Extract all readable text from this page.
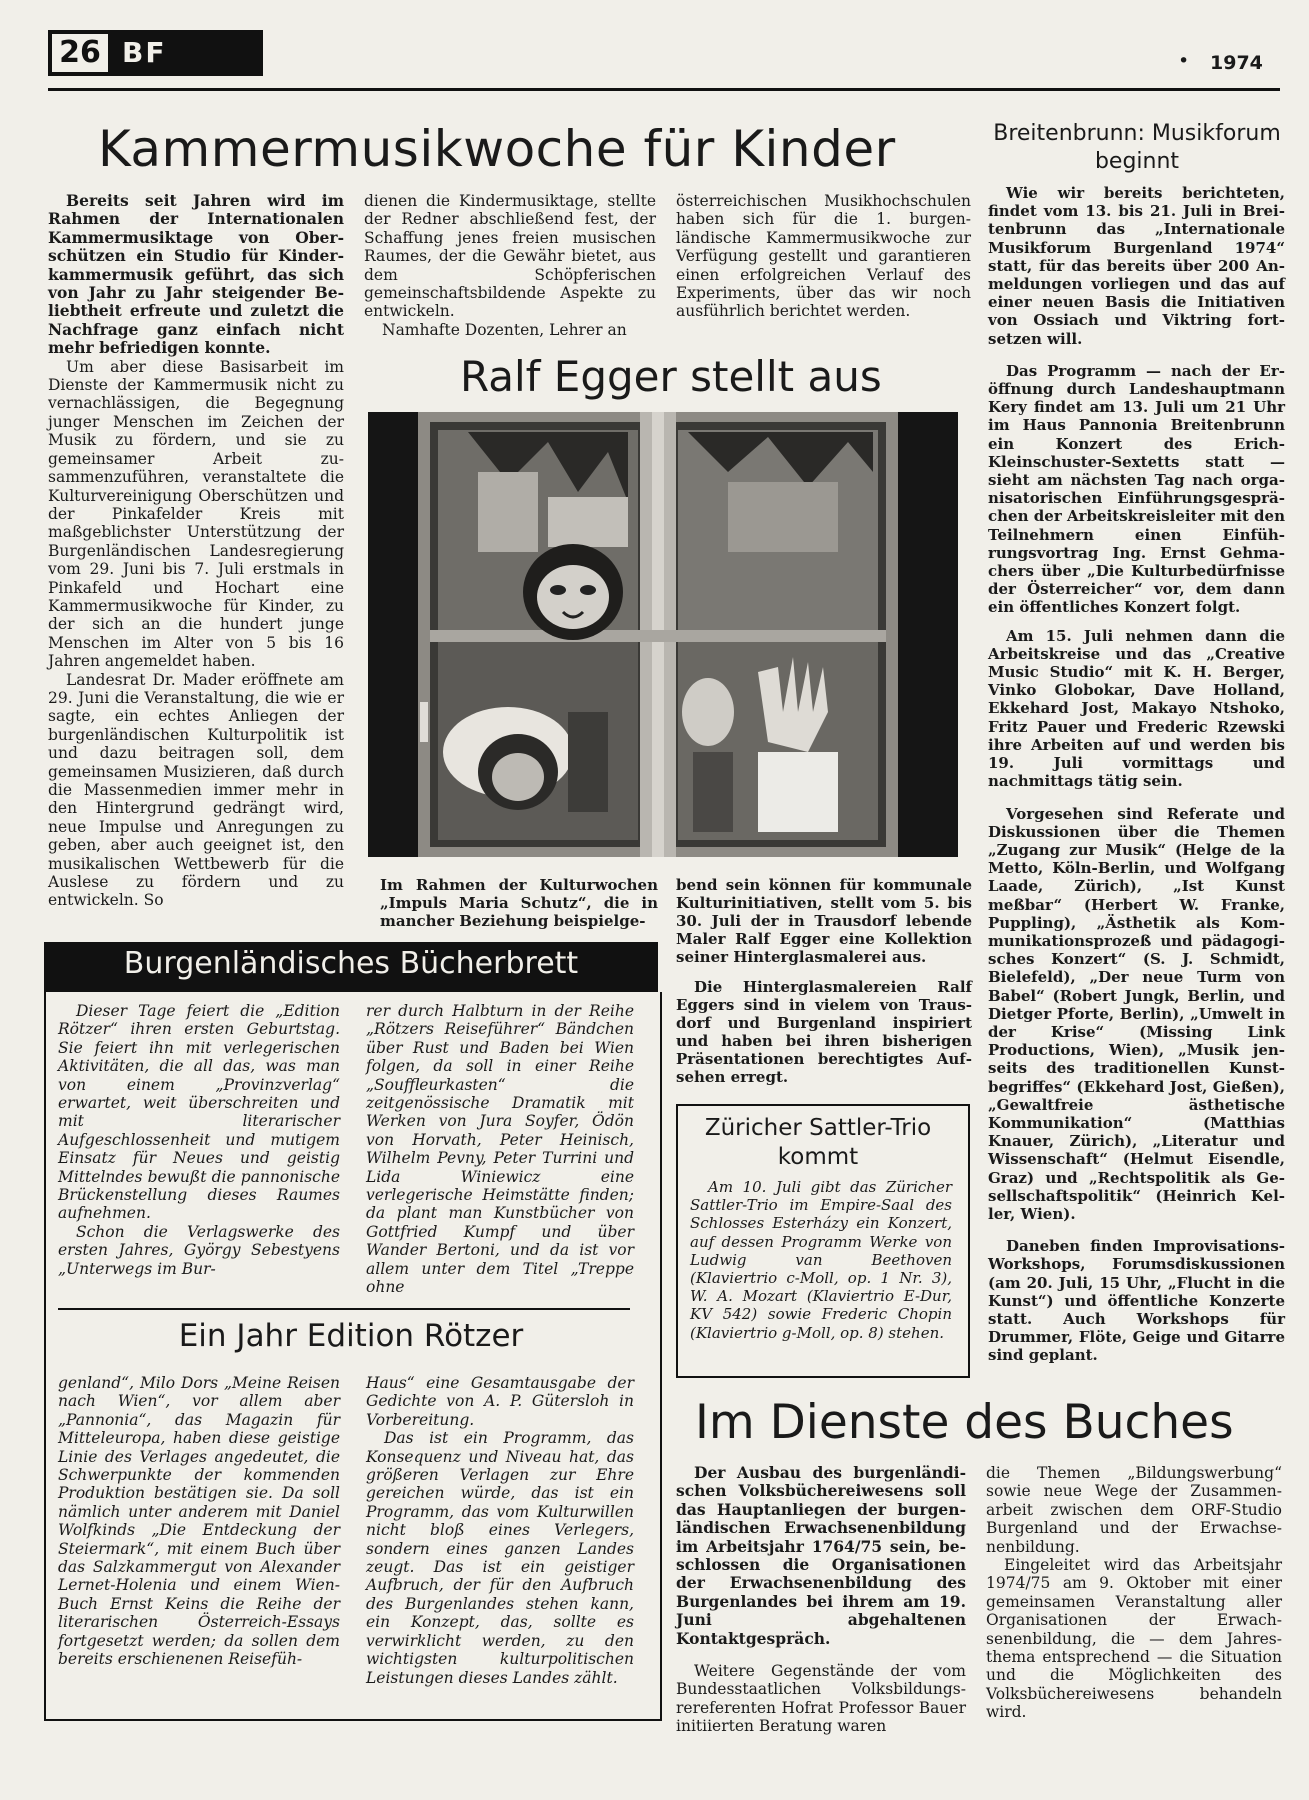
26 BF	• 1974
Kammermusikwoche für Kinder

Bereits seit Jahren wird im Rahmen der Internationalen Kammermusiktage von Oberschützen ein Studio für Kinderkammermusik geführt, das sich von Jahr zu Jahr steigender Beliebtheit erfreute und zuletzt die Nachfrage ganz einfach nicht mehr befriedigen konnte.

Um aber diese Basisarbeit im Dienste der Kammermusik nicht zu vernachlässigen, die Begegnung junger Menschen im Zeichen der Musik zu fördern, und sie zu gemeinsamer Arbeit zusammenzuführen, veranstaltete die Kulturvereinigung Oberschützen und der Pinkafelder Kreis mit maßgeblichster Unterstützung der Burgenländischen Landesregierung vom 29. Juni bis 7. Juli erstmals in Pinkafeld und Hochart eine Kammermusikwoche für Kinder, zu der sich an die hundert junge Menschen im Alter von 5 bis 16 Jahren angemeldet haben.

Landesrat Dr. Mader eröffnete am 29. Juni die Veranstaltung, die wie er sagte, ein echtes Anliegen der burgenländischen Kulturpolitik ist und dazu beitragen soll, dem gemeinsamen Musizieren, daß durch die Massenmedien immer mehr in den Hintergrund gedrängt wird, neue Impulse und Anregungen zu geben, aber auch geeignet ist, den musikalischen Wettbewerb für die Auslese zu fördern und zu entwickeln. So

dienen die Kindermusiktage, stellte der Redner abschließend fest, der Schaffung jenes freien musischen Raumes, der die Gewähr bietet, aus dem Schöpferischen gemeinschaftsbildende Aspekte zu entwickeln.

Namhafte Dozenten, Lehrer an

österreichischen Musikhochschulen haben sich für die 1. burgenländische Kammermusikwoche zur Verfügung gestellt und garantieren einen erfolgreichen Verlauf des Experiments, über das wir noch ausführlich berichtet werden.

Breitenbrunn: Musikforum beginnt

Wie wir bereits berichteten, findet vom 13. bis 21. Juli in Breitenbrunn das „Internationale Musikforum Burgenland 1974“ statt, für das bereits über 200 Anmeldungen vorliegen und das auf einer neuen Basis die Initiativen von Ossiach und Viktring fortsetzen will.

Das Programm — nach der Eröffnung durch Landeshauptmann Kery findet am 13. Juli um 21 Uhr im Haus Pannonia Breitenbrunn ein Konzert des Erich-Kleinschuster-Sextetts statt — sieht am nächsten Tag nach organisatorischen Einführungsgesprächen der Arbeitskreisleiter mit den Teilnehmern einen Einführungsvortrag Ing. Ernst Gehmachers über „Die Kulturbedürfnisse der Österreicher“ vor, dem dann ein öffentliches Konzert folgt.

Am 15. Juli nehmen dann die Arbeitskreise und das „Creative Music Studio“ mit K. H. Berger, Vinko Globokar, Dave Holland, Ekkehard Jost, Makayo Ntshoko, Fritz Pauer und Frederic Rzewski ihre Arbeiten auf und werden bis 19. Juli vormittags und nachmittags tätig sein.

Vorgesehen sind Referate und Diskussionen über die Themen „Zugang zur Musik“ (Helge de la Metto, Köln-Berlin, und Wolfgang Laade, Zürich), „Ist Kunst meßbar“ (Herbert W. Franke, Puppling), „Ästhetik als Kommunikationsprozeß und pädagogisches Konzert“ (S. J. Schmidt, Bielefeld), „Der neue Turm von Babel“ (Robert Jungk, Berlin, und Dietger Pforte, Berlin), „Umwelt in der Krise“ (Missing Link Productions, Wien), „Musik jenseits des traditionellen Kunstbegriffes“ (Ekkehard Jost, Gießen), „Gewaltfreie ästhetische Kommunikation“ (Matthias Knauer, Zürich), „Literatur und Wissenschaft“ (Helmut Eisendle, Graz) und „Rechtspolitik als Gesellschaftspolitik“ (Heinrich Keller, Wien).

Daneben finden Improvisations-Workshops, Forumsdiskussionen (am 20. Juli, 15 Uhr, „Flucht in die Kunst“) und öffentliche Konzerte statt. Auch Workshops für Drummer, Flöte, Geige und Gitarre sind geplant.

Ralf Egger stellt aus

Im Rahmen der Kulturwochen „Impuls Maria Schutz“, die in mancher Beziehung beispielge-

bend sein können für kommunale Kulturinitiativen, stellt vom 5. bis 30. Juli der in Trausdorf lebende Maler Ralf Egger eine Kollektion seiner Hinterglasmalerei aus.

Die Hinterglasmalereien Ralf Eggers sind in vielem von Trausdorf und Burgenland inspiriert und haben bei ihren bisherigen Präsentationen berechtigtes Aufsehen erregt.

Burgenländisches Bücherbrett

Dieser Tage feiert die „Edition Rötzer“ ihren ersten Geburtstag. Sie feiert ihn mit verlegerischen Aktivitäten, die all das, was man von einem „Provinzverlag“ erwartet, weit überschreiten und mit literarischer Aufgeschlossenheit und mutigem Einsatz für Neues und geistig Mittelndes bewußt die pannonische Brückenstellung dieses Raumes aufnehmen.

Schon die Verlagswerke des ersten Jahres, György Sebestyens „Unterwegs im Bur-

rer durch Halbturn in der Reihe „Rötzers Reiseführer“ Bändchen über Rust und Baden bei Wien folgen, da soll in einer Reihe „Souffleurkasten“ die zeitgenössische Dramatik mit Werken von Jura Soyfer, Ödön von Horvath, Peter Heinisch, Wilhelm Pevny, Peter Turrini und Lida Winiewicz eine verlegerische Heimstätte finden; da plant man Kunstbücher von Gottfried Kumpf und über Wander Bertoni, und da ist vor allem unter dem Titel „Treppe ohne

Ein Jahr Edition Rötzer

genland“, Milo Dors „Meine Reisen nach Wien“, vor allem aber „Pannonia“, das Magazin für Mitteleuropa, haben diese geistige Linie des Verlages angedeutet, die Schwerpunkte der kommenden Produktion bestätigen sie. Da soll nämlich unter anderem mit Daniel Wolfkinds „Die Entdeckung der Steiermark“, mit einem Buch über das Salzkammergut von Alexander Lernet-Holenia und einem Wien-Buch Ernst Keins die Reihe der literarischen Österreich-Essays fortgesetzt werden; da sollen dem bereits erschienenen Reisefüh-

Haus“ eine Gesamtausgabe der Gedichte von A. P. Gütersloh in Vorbereitung.

Das ist ein Programm, das Konsequenz und Niveau hat, das größeren Verlagen zur Ehre gereichen würde, das ist ein Programm, das vom Kulturwillen nicht bloß eines Verlegers, sondern eines ganzen Landes zeugt. Das ist ein geistiger Aufbruch, der für den Aufbruch des Burgenlandes stehen kann, ein Konzept, das, sollte es verwirklicht werden, zu den wichtigsten kulturpolitischen Leistungen dieses Landes zählt.

Züricher Sattler-Trio kommt

Am 10. Juli gibt das Züricher Sattler-Trio im Empire-Saal des Schlosses Esterházy ein Konzert, auf dessen Programm Werke von Ludwig van Beethoven (Klaviertrio c-Moll, op. 1 Nr. 3), W. A. Mozart (Klaviertrio E-Dur, KV 542) sowie Frederic Chopin (Klaviertrio g-Moll, op. 8) stehen.

Im Dienste des Buches

Der Ausbau des burgenländischen Volksbüchereiwesens soll das Hauptanliegen der burgenländischen Erwachsenenbildung im Arbeitsjahr 1764/75 sein, beschlossen die Organisationen der Erwachsenenbildung des Burgenlandes bei ihrem am 19. Juni abgehaltenen Kontaktgespräch.

Weitere Gegenstände der vom Bundesstaatlichen Volksbildungsrereferenten Hofrat Professor Bauer initiierten Beratung waren

die Themen „Bildungswerbung“ sowie neue Wege der Zusammenarbeit zwischen dem ORF-Studio Burgenland und der Erwachsenenbildung.

Eingeleitet wird das Arbeitsjahr 1974/75 am 9. Oktober mit einer gemeinsamen Veranstaltung aller Organisationen der Erwachsenenbildung, die — dem Jahresthema entsprechend — die Situation und die Möglichkeiten des Volksbüchereiwesens behandeln wird.
